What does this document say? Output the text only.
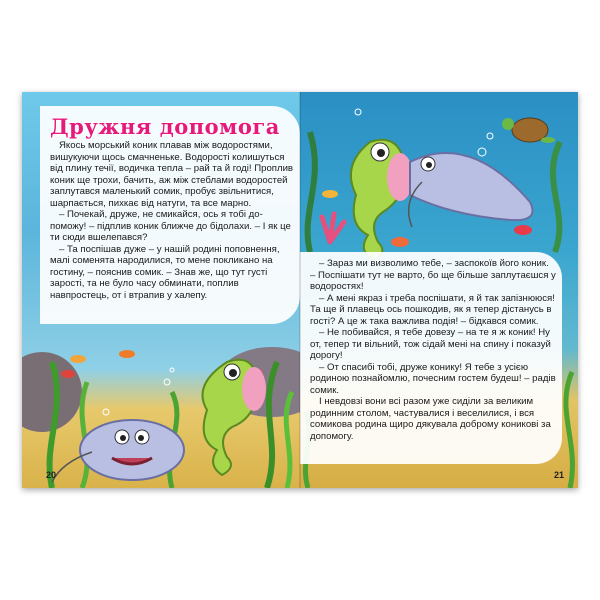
Дружня допомога

Якось морський коник плавав між водоростями, вишукуючи щось смачненьке. Водорості колишуться від плину течії, водичка тепла – рай та й годі! Проплив коник ще трохи, бачить, аж між стеблами водоростей заплутався маленький сомик, пробує звільнитися, шарпається, пихкає від натуги, та все марно.

– Почекай, друже, не смикайся, ось я тобі допоможу! – підплив коник ближче до бідолахи. – І як це ти сюди вшелепався?

– Та поспішав дуже – у нашій родині поповнення, малі соменята народилися, то мене покликано на гостину, – пояснив сомик. – Знав же, що тут густі зарості, та не було часу обминати, поплив навпростець, от і втрапив у халепу.

20

– Зараз ми визволимо тебе, – заспокоїв його коник. – Поспішати тут не варто, бо ще більше заплутаєшся у водоростях!

– А мені якраз і треба поспішати, я й так запізнююся! Та ще й плавець ось пошкодив, як я тепер дістанусь в гості? А це ж така важлива подія! – бідкався сомик.

– Не побивайся, я тебе довезу – на те я ж коник! Ну от, тепер ти вільний, тож сідай мені на спину і показуй дорогу!

– От спасибі тобі, друже конику! Я тебе з усією родиною познайомлю, почесним гостем будеш! – радів сомик.

І невдовзі вони всі разом уже сиділи за великим родинним столом, частувалися і веселилися, і вся сомикова родина щиро дякувала доброму коникові за допомогу.

21
